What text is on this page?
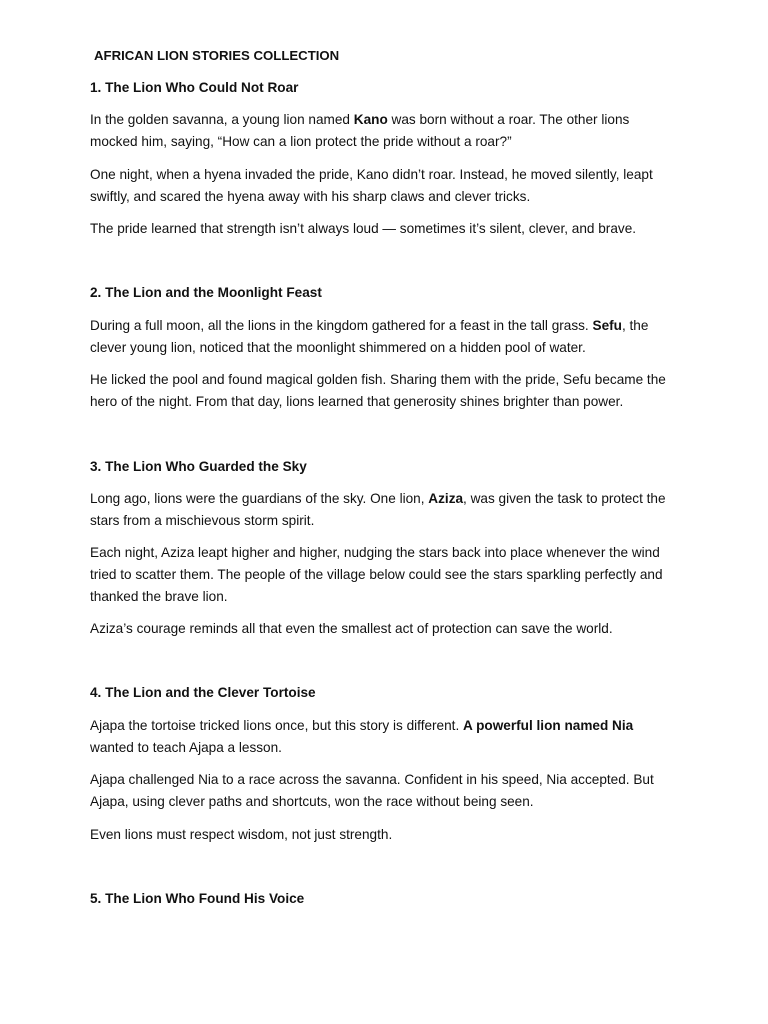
AFRICAN LION STORIES COLLECTION
1. The Lion Who Could Not Roar
In the golden savanna, a young lion named Kano was born without a roar. The other lions
mocked him, saying, “How can a lion protect the pride without a roar?”
One night, when a hyena invaded the pride, Kano didn’t roar. Instead, he moved silently, leapt
swiftly, and scared the hyena away with his sharp claws and clever tricks.
The pride learned that strength isn’t always loud — sometimes it’s silent, clever, and brave.
2. The Lion and the Moonlight Feast
During a full moon, all the lions in the kingdom gathered for a feast in the tall grass. Sefu, the
clever young lion, noticed that the moonlight shimmered on a hidden pool of water.
He licked the pool and found magical golden fish. Sharing them with the pride, Sefu became the
hero of the night. From that day, lions learned that generosity shines brighter than power.
3. The Lion Who Guarded the Sky
Long ago, lions were the guardians of the sky. One lion, Aziza, was given the task to protect the
stars from a mischievous storm spirit.
Each night, Aziza leapt higher and higher, nudging the stars back into place whenever the wind
tried to scatter them. The people of the village below could see the stars sparkling perfectly and
thanked the brave lion.
Aziza’s courage reminds all that even the smallest act of protection can save the world.
4. The Lion and the Clever Tortoise
Ajapa the tortoise tricked lions once, but this story is different. A powerful lion named Nia
wanted to teach Ajapa a lesson.
Ajapa challenged Nia to a race across the savanna. Confident in his speed, Nia accepted. But
Ajapa, using clever paths and shortcuts, won the race without being seen.
Even lions must respect wisdom, not just strength.
5. The Lion Who Found His Voice
